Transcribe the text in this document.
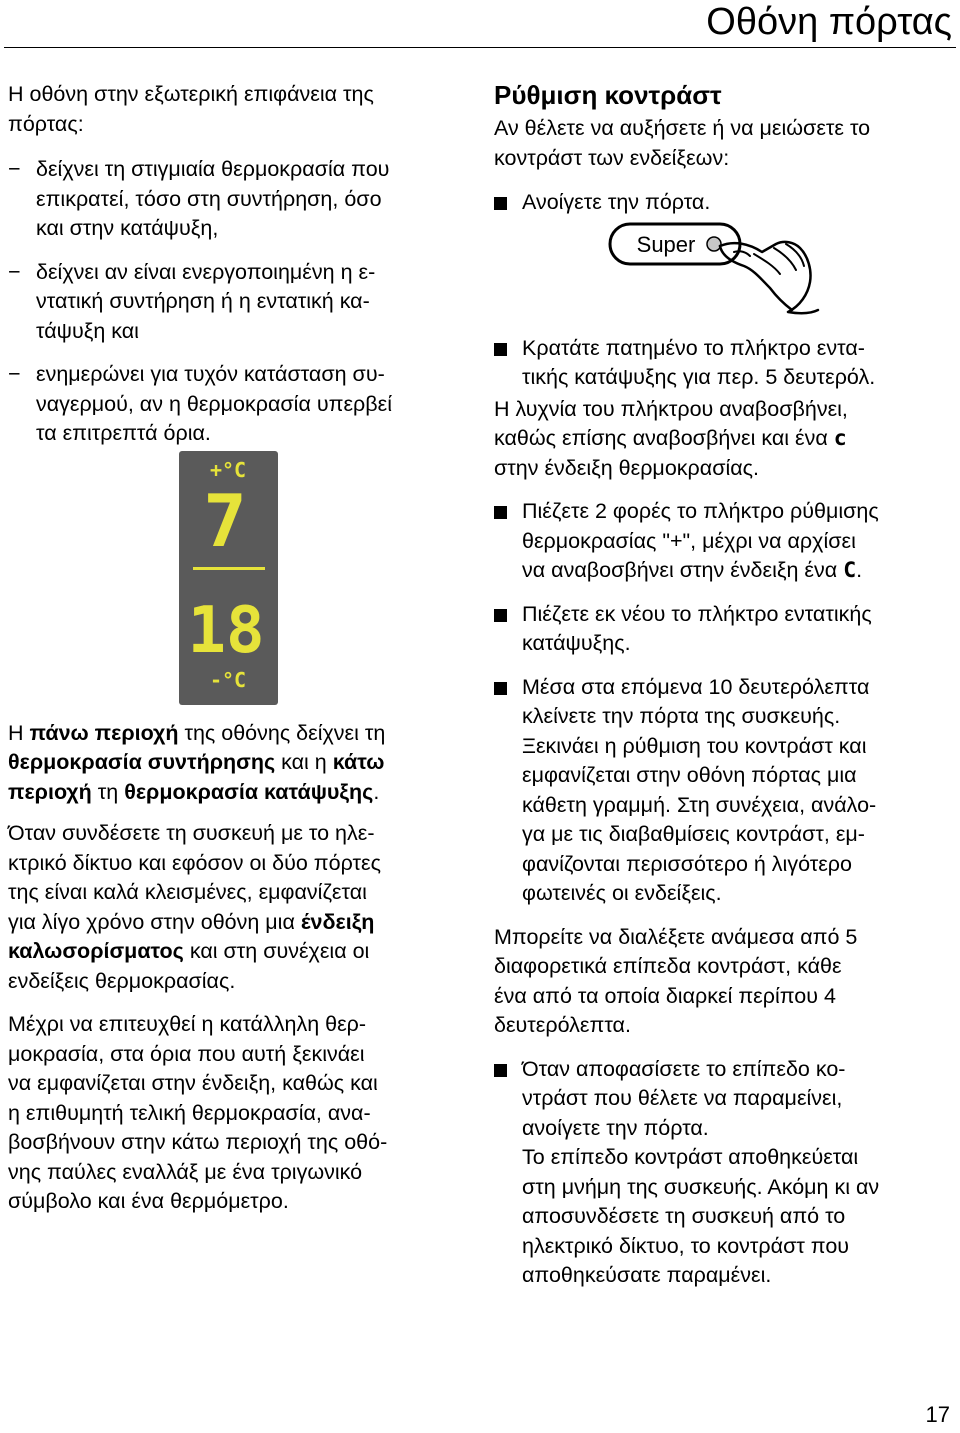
Οθόνη πόρτας

Η οθόνη στην εξωτερική επιφάνεια της πόρτας:

− δείχνει τη στιγμιαία θερμοκρασία που
επικρατεί, τόσο στη συντήρηση, όσο
και στην κατάψυξη,
− δείχνει αν είναι ενεργοποιημένη η ε-
ντατική συντήρηση ή η εντατική κα-
τάψυξη και
− ενημερώνει για τυχόν κατάσταση συ-
ναγερμού, αν η θερμοκρασία υπερβεί
τα επιτρεπτά όρια.
+°C
7
18
-°C

Η πάνω περιοχή της οθόνης δείχνει τη
θερμοκρασία συντήρησης και η κάτω
περιοχή τη θερμοκρασία κατάψυξης.

Όταν συνδέσετε τη συσκευή με το ηλε-
κτρικό δίκτυο και εφόσον οι δύο πόρτες
της είναι καλά κλεισμένες, εμφανίζεται
για λίγο χρόνο στην οθόνη μια ένδειξη
καλωσορίσματος και στη συνέχεια οι
ενδείξεις θερμοκρασίας.

Μέχρι να επιτευχθεί η κατάλληλη θερ-
μοκρασία, στα όρια που αυτή ξεκινάει
να εμφανίζεται στην ένδειξη, καθώς και
η επιθυμητή τελική θερμοκρασία, ανα-
βοσβήνουν στην κάτω περιοχή της οθό-
νης παύλες εναλλάξ με ένα τριγωνικό
σύμβολο και ένα θερμόμετρο.

Ρύθμιση κοντράστ

Αν θέλετε να αυξήσετε ή να μειώσετε το
κοντράστ των ενδείξεων:

Ανοίγετε την πόρτα.
Super
Κρατάτε πατημένο το πλήκτρο εντα-
τικής κατάψυξης για περ. 5 δευτερόλ.

Η λυχνία του πλήκτρου αναβοσβήνει,
καθώς επίσης αναβοσβήνει και ένα c
στην ένδειξη θερμοκρασίας.

Πιέζετε 2 φορές το πλήκτρο ρύθμισης
θερμοκρασίας "+", μέχρι να αρχίσει
να αναβοσβήνει στην ένδειξη ένα C.
Πιέζετε εκ νέου το πλήκτρο εντατικής
κατάψυξης.
Μέσα στα επόμενα 10 δευτερόλεπτα
κλείνετε την πόρτα της συσκευής.
Ξεκινάει η ρύθμιση του κοντράστ και
εμφανίζεται στην οθόνη πόρτας μια
κάθετη γραμμή. Στη συνέχεια, ανάλο-
γα με τις διαβαθμίσεις κοντράστ, εμ-
φανίζονται περισσότερο ή λιγότερο
φωτεινές οι ενδείξεις.

Μπορείτε να διαλέξετε ανάμεσα από 5
διαφορετικά επίπεδα κοντράστ, κάθε
ένα από τα οποία διαρκεί περίπου 4
δευτερόλεπτα.

Όταν αποφασίσετε το επίπεδο κο-
ντράστ που θέλετε να παραμείνει,
ανοίγετε την πόρτα.
Το επίπεδο κοντράστ αποθηκεύεται
στη μνήμη της συσκευής. Ακόμη κι αν
αποσυνδέσετε τη συσκευή από το
ηλεκτρικό δίκτυο, το κοντράστ που
αποθηκεύσατε παραμένει.
17
